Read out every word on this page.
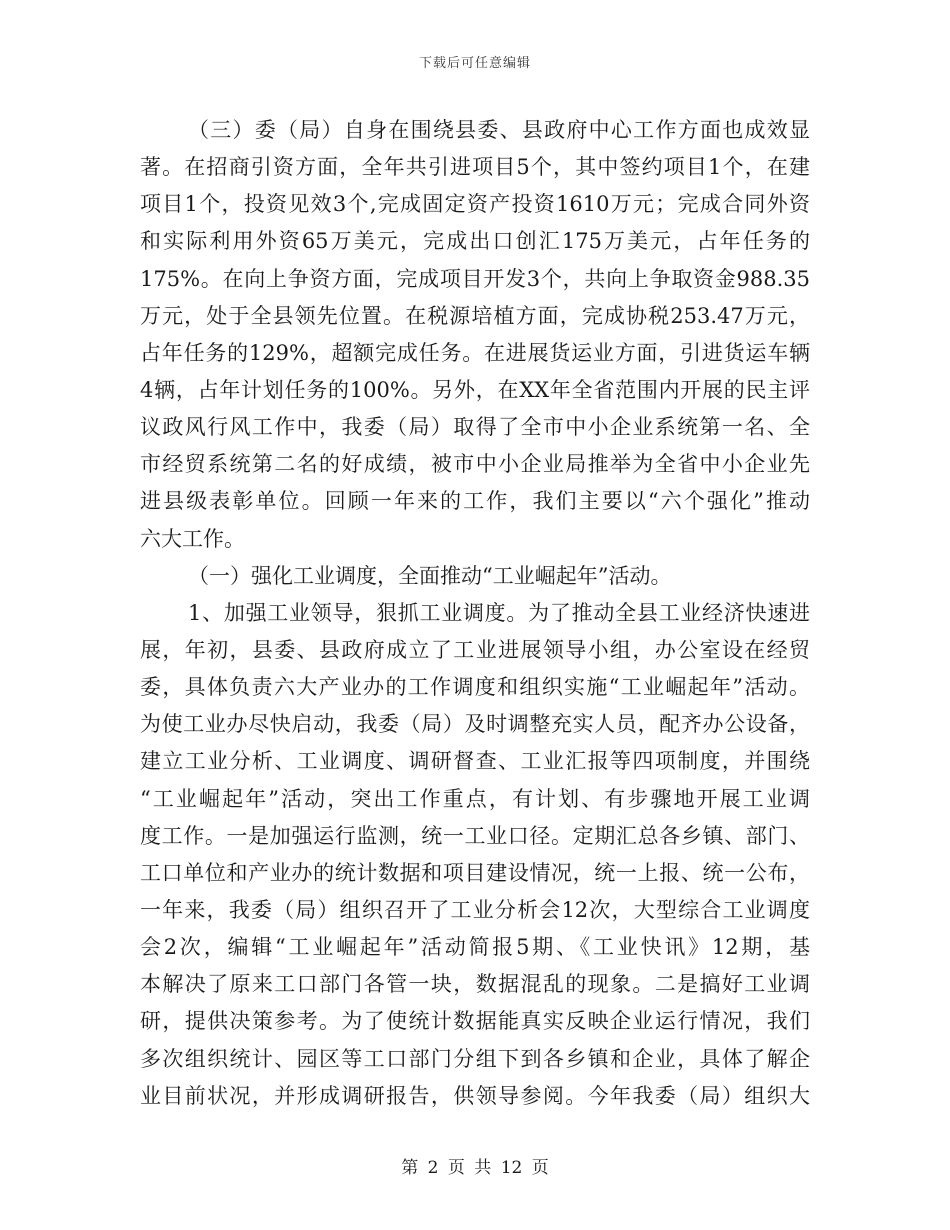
下载后可任意编辑
（三）委（局）自身在围绕县委、县政府中心工作方面也成效显
著。在招商引资方面，全年共引进项目5个，其中签约项目1个，在建
项目1个，投资见效3个,完成固定资产投资1610万元；完成合同外资
和实际利用外资65万美元，完成出口创汇175万美元，占年任务的
175%。在向上争资方面，完成项目开发3个，共向上争取资金988.35
万元，处于全县领先位置。在税源培植方面，完成协税253.47万元，
占年任务的129%，超额完成任务。在进展货运业方面，引进货运车辆
4辆，占年计划任务的100%。另外，在XX年全省范围内开展的民主评
议政风行风工作中，我委（局）取得了全市中小企业系统第一名、全
市经贸系统第二名的好成绩，被市中小企业局推举为全省中小企业先
进县级表彰单位。回顾一年来的工作，我们主要以“六个强化”推动
六大工作。
（一）强化工业调度，全面推动“工业崛起年”活动。
1、加强工业领导，狠抓工业调度。为了推动全县工业经济快速进
展，年初，县委、县政府成立了工业进展领导小组，办公室设在经贸
委，具体负责六大产业办的工作调度和组织实施“工业崛起年”活动。
为使工业办尽快启动，我委（局）及时调整充实人员，配齐办公设备，
建立工业分析、工业调度、调研督查、工业汇报等四项制度，并围绕
“工业崛起年”活动，突出工作重点，有计划、有步骤地开展工业调
度工作。一是加强运行监测，统一工业口径。定期汇总各乡镇、部门、
工口单位和产业办的统计数据和项目建设情况，统一上报、统一公布，
一年来，我委（局）组织召开了工业分析会12次，大型综合工业调度
会2次，编辑“工业崛起年”活动简报5期、《工业快讯》12期，基
本解决了原来工口部门各管一块，数据混乱的现象。二是搞好工业调
研，提供决策参考。为了使统计数据能真实反映企业运行情况，我们
多次组织统计、园区等工口部门分组下到各乡镇和企业，具体了解企
业目前状况，并形成调研报告，供领导参阅。今年我委（局）组织大
第 2 页 共 12 页
